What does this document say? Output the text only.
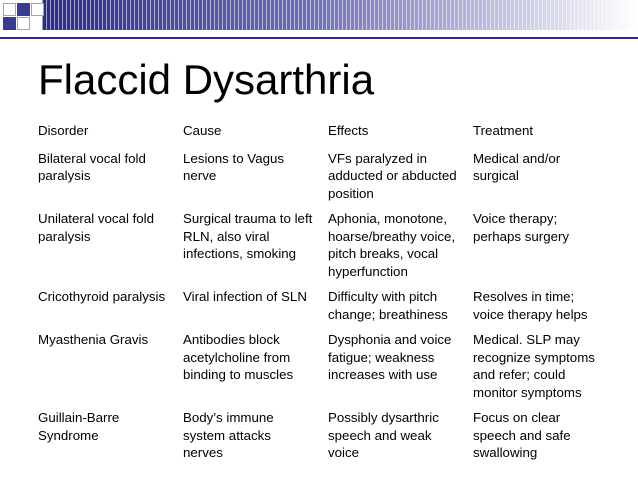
Flaccid Dysarthria
Disorder	Cause	Effects	Treatment
Bilateral vocal fold paralysis	Lesions to Vagus nerve	VFs paralyzed in adducted or abducted position	Medical and/or surgical
Unilateral vocal fold paralysis	Surgical trauma to left RLN, also viral infections, smoking	Aphonia, monotone, hoarse/breathy voice, pitch breaks, vocal hyperfunction	Voice therapy; perhaps surgery
Cricothyroid paralysis	Viral infection of SLN	Difficulty with pitch change; breathiness	Resolves in time; voice therapy helps
Myasthenia Gravis	Antibodies block acetylcholine from binding to muscles	Dysphonia and voice fatigue; weakness increases with use	Medical. SLP may recognize symptoms and refer; could monitor symptoms
Guillain-Barre Syndrome	Body’s immune system attacks nerves	Possibly dysarthric speech and weak voice	Focus on clear speech and safe swallowing
